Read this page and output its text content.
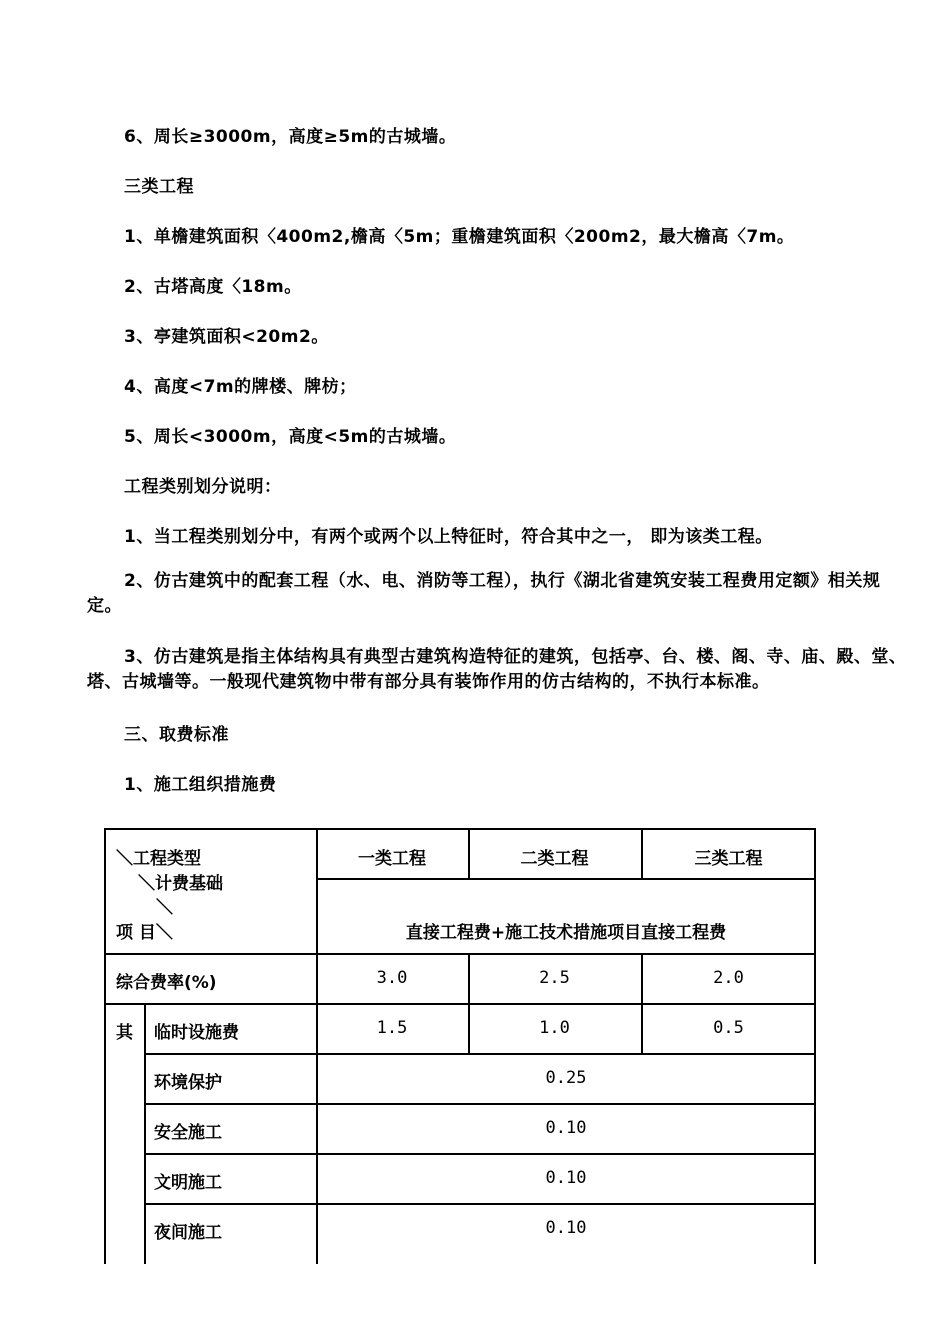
6、周长≥3000m，高度≥5m的古城墙。
三类工程
1、单檐建筑面积〈400m2,檐高〈5m；重檐建筑面积〈200m2，最大檐高〈7m。
2、古塔高度〈18m。
3、亭建筑面积<20m2。
4、高度<7m的牌楼、牌枋；
5、周长<3000m，高度<5m的古城墙。
工程类别划分说明：
1、当工程类别划分中，有两个或两个以上特征时，符合其中之一， 即为该类工程。
2、仿古建筑中的配套工程（水、电、消防等工程），执行《湖北省建筑安装工程费用定额》相关规定。
3、仿古建筑是指主体结构具有典型古建筑构造特征的建筑，包括亭、台、楼、阁、寺、庙、殿、堂、塔、古城墙等。一般现代建筑物中带有部分具有装饰作用的仿古结构的，不执行本标准。
三、取费标准
1、施工组织措施费
＼工程类型
＼计费基础
＼
项 目＼
一类工程	二类工程	三类工程
直接工程费+施工技术措施项目直接工程费
综合费率(%)	3.0	2.5	2.0
其 临时设施费	1.5	1.0	0.5
环境保护	0.25
安全施工	0.10
文明施工	0.10
夜间施工	0.10
